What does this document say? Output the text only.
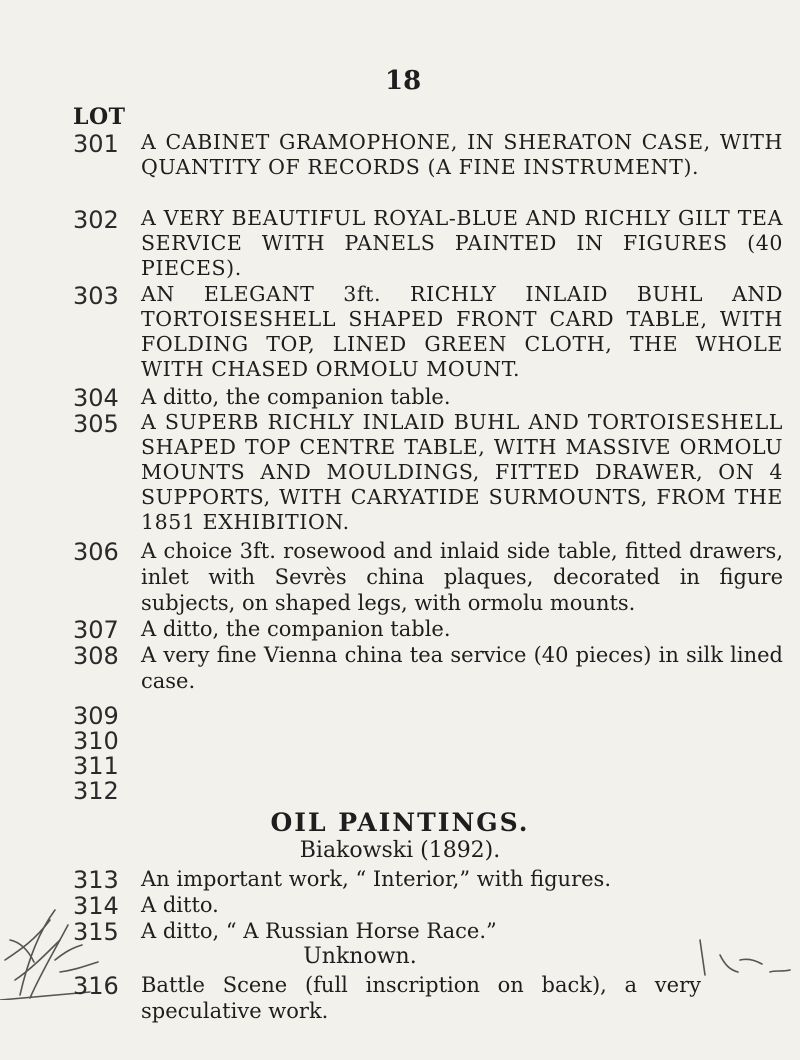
18
LOT
301	A CABINET GRAMOPHONE, IN SHERATON CASE, WITH QUANTITY OF RECORDS (A FINE INSTRUMENT).
302	A VERY BEAUTIFUL ROYAL-BLUE AND RICHLY GILT TEA SERVICE WITH PANELS PAINTED IN FIGURES (40 PIECES).
303	AN ELEGANT 3ft. RICHLY INLAID BUHL AND TORTOISESHELL SHAPED FRONT CARD TABLE, WITH FOLDING TOP, LINED GREEN CLOTH, THE WHOLE WITH CHASED ORMOLU MOUNT.
304	A ditto, the companion table.
305	A SUPERB RICHLY INLAID BUHL AND TORTOISESHELL SHAPED TOP CENTRE TABLE, WITH MASSIVE ORMOLU MOUNTS AND MOULDINGS, FITTED DRAWER, ON 4 SUPPORTS, WITH CARYATIDE SURMOUNTS, FROM THE 1851 EXHIBITION.
306	A choice 3ft. rosewood and inlaid side table, fitted drawers, inlet with Sevrès china plaques, decorated in figure subjects, on shaped legs, with ormolu mounts.
307	A ditto, the companion table.
308	A very fine Vienna china tea service (40 pieces) in silk lined case.
309
310
311
312
OIL PAINTINGS.
Biakowski (1892).
313	An important work, “ Interior,” with figures.
314	A ditto.
315	A ditto, “ A Russian Horse Race.”
Unknown.
316	Battle Scene (full inscription on back), a very speculative work.
